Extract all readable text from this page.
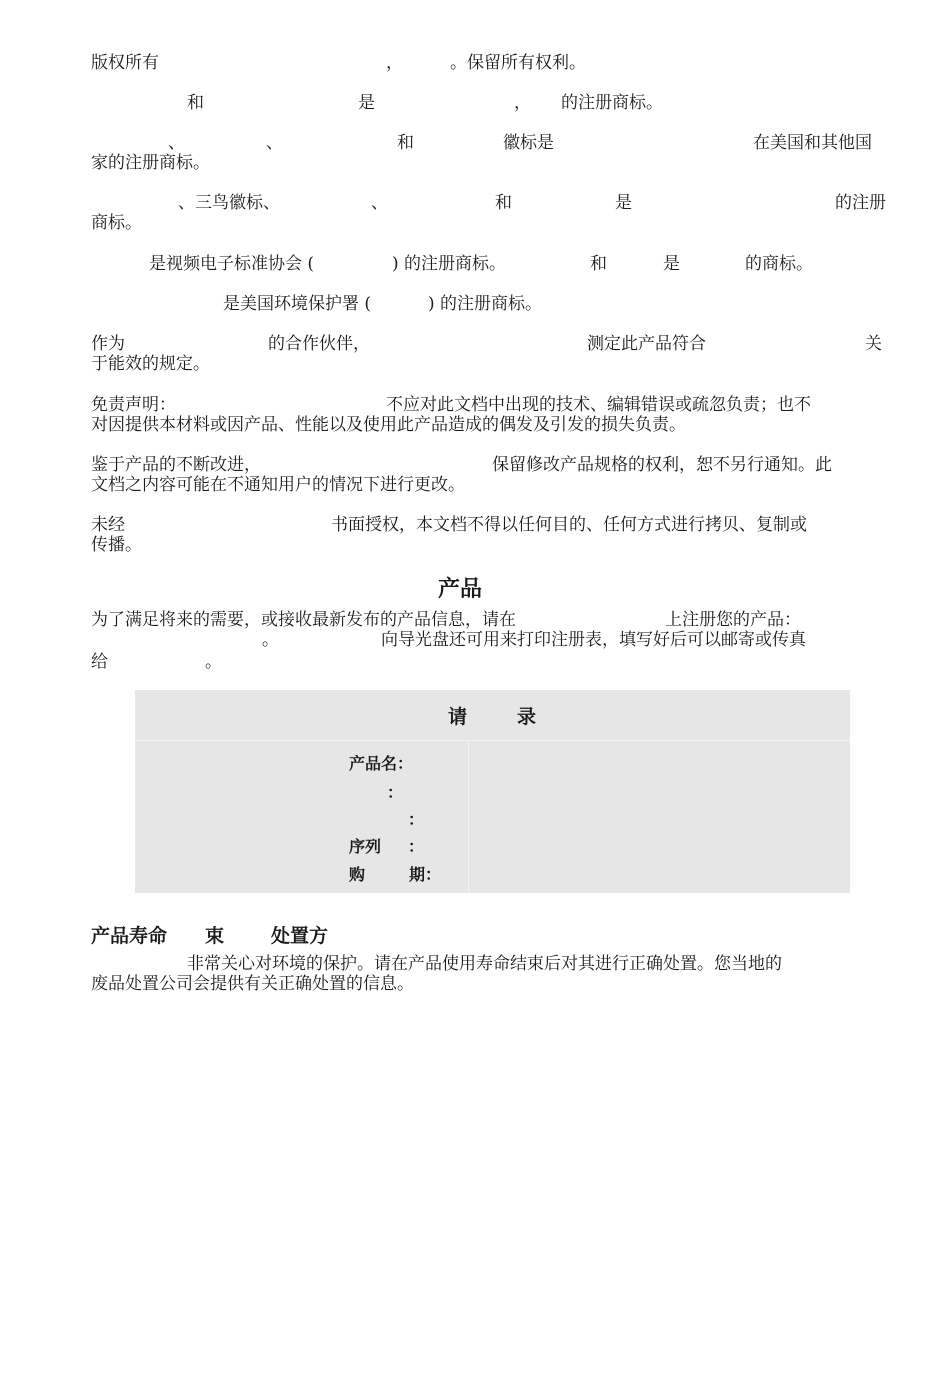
版权所有	，	。保留所有权利。
和	是	， 的注册商标。
、	、	和	徽标是	在美国和其他国
家的注册商标。
、三鸟徽标、	、	和	是	的注册
商标。
是视频电子标准协会 (	) 的注册商标。	和	是	的商标。
是美国环境保护署 (	) 的注册商标。
作为	的合作伙伴，	测定此产品符合	关
于能效的规定。
免责声明：	不应对此文档中出现的技术、编辑错误或疏忽负责；也不
对因提供本材料或因产品、性能以及使用此产品造成的偶发及引发的损失负责。
鉴于产品的不断改进，	保留修改产品规格的权利，恕不另行通知。此
文档之内容可能在不通知用户的情况下进行更改。
未经	书面授权，本文档不得以任何目的、任何方式进行拷贝、复制或
传播。
产品
为了满足将来的需要，或接收最新发布的产品信息，请在	上注册您的产品：
。	向导光盘还可用来打印注册表，填写好后可以邮寄或传真
给	。
请	录
产品名：
：
：
序列 ：
购	期：
产品寿命 束 处置方
非常关心对环境的保护。请在产品使用寿命结束后对其进行正确处置。您当地的
废品处置公司会提供有关正确处置的信息。
